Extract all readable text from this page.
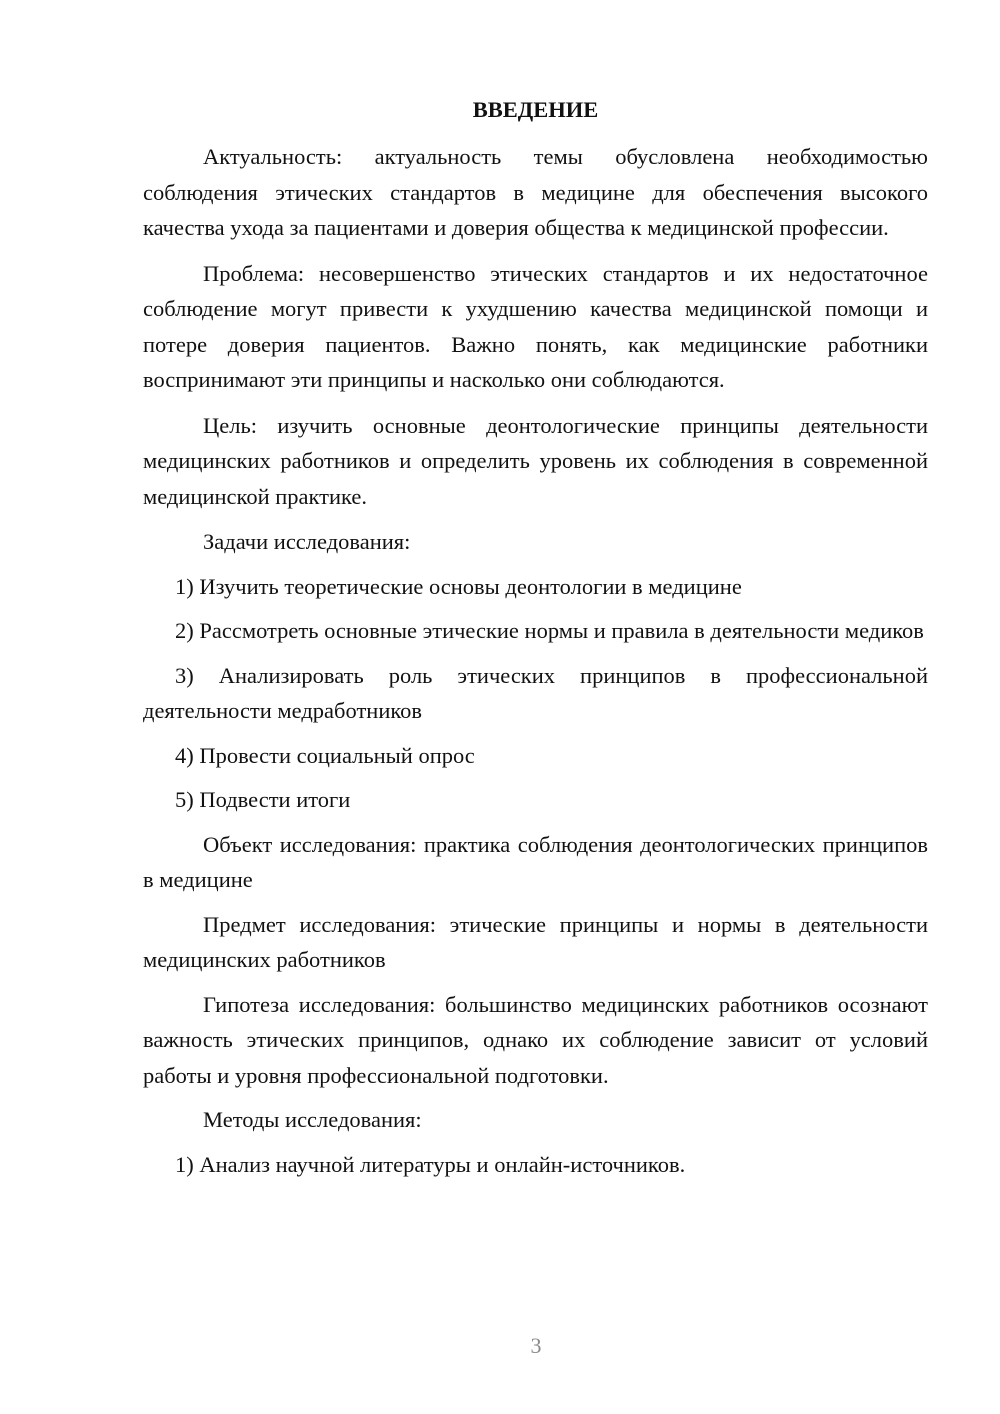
ВВЕДЕНИЕ

Актуальность: актуальность темы обусловлена необходимостью соблюдения этических стандартов в медицине для обеспечения высокого качества ухода за пациентами и доверия общества к медицинской профессии.

Проблема: несовершенство этических стандартов и их недостаточное соблюдение могут привести к ухудшению качества медицинской помощи и потере доверия пациентов. Важно понять, как медицинские работники воспринимают эти принципы и насколько они соблюдаются.

Цель: изучить основные деонтологические принципы деятельности медицинских работников и определить уровень их соблюдения в современной медицинской практике.

Задачи исследования:

1) Изучить теоретические основы деонтологии в медицине

2) Рассмотреть основные этические нормы и правила в деятельности медиков

3) Анализировать роль этических принципов в профессиональной деятельности медработников

4) Провести социальный опрос

5) Подвести итоги

Объект исследования: практика соблюдения деонтологических принципов в медицине

Предмет исследования: этические принципы и нормы в деятельности медицинских работников

Гипотеза исследования: большинство медицинских работников осознают важность этических принципов, однако их соблюдение зависит от условий работы и уровня профессиональной подготовки.

Методы исследования:

1) Анализ научной литературы и онлайн-источников.

3
